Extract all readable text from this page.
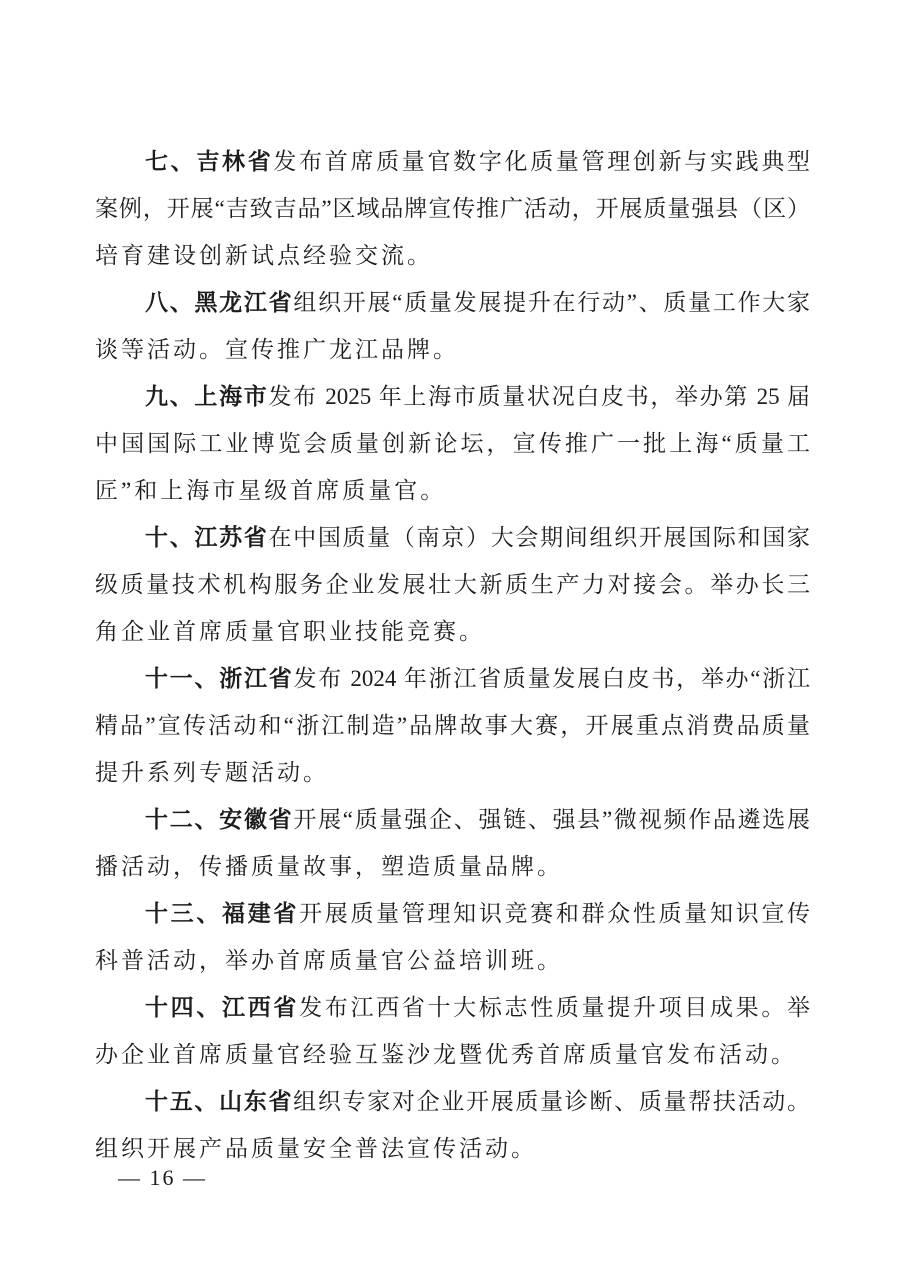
七、吉林省发布首席质量官数字化质量管理创新与实践典型
案例，开展“吉致吉品”区域品牌宣传推广活动，开展质量强县（区）
培育建设创新试点经验交流。
八、黑龙江省组织开展“质量发展提升在行动”、质量工作大家
谈等活动。宣传推广龙江品牌。
九、上海市发布 2025 年上海市质量状况白皮书，举办第 25 届
中国国际工业博览会质量创新论坛，宣传推广一批上海“质量工
匠”和上海市星级首席质量官。
十、江苏省在中国质量（南京）大会期间组织开展国际和国家
级质量技术机构服务企业发展壮大新质生产力对接会。举办长三
角企业首席质量官职业技能竞赛。
十一、浙江省发布 2024 年浙江省质量发展白皮书，举办“浙江
精品”宣传活动和“浙江制造”品牌故事大赛，开展重点消费品质量
提升系列专题活动。
十二、安徽省开展“质量强企、强链、强县”微视频作品遴选展
播活动，传播质量故事，塑造质量品牌。
十三、福建省开展质量管理知识竞赛和群众性质量知识宣传
科普活动，举办首席质量官公益培训班。
十四、江西省发布江西省十大标志性质量提升项目成果。举
办企业首席质量官经验互鉴沙龙暨优秀首席质量官发布活动。
十五、山东省组织专家对企业开展质量诊断、质量帮扶活动。
组织开展产品质量安全普法宣传活动。
— 16 —
